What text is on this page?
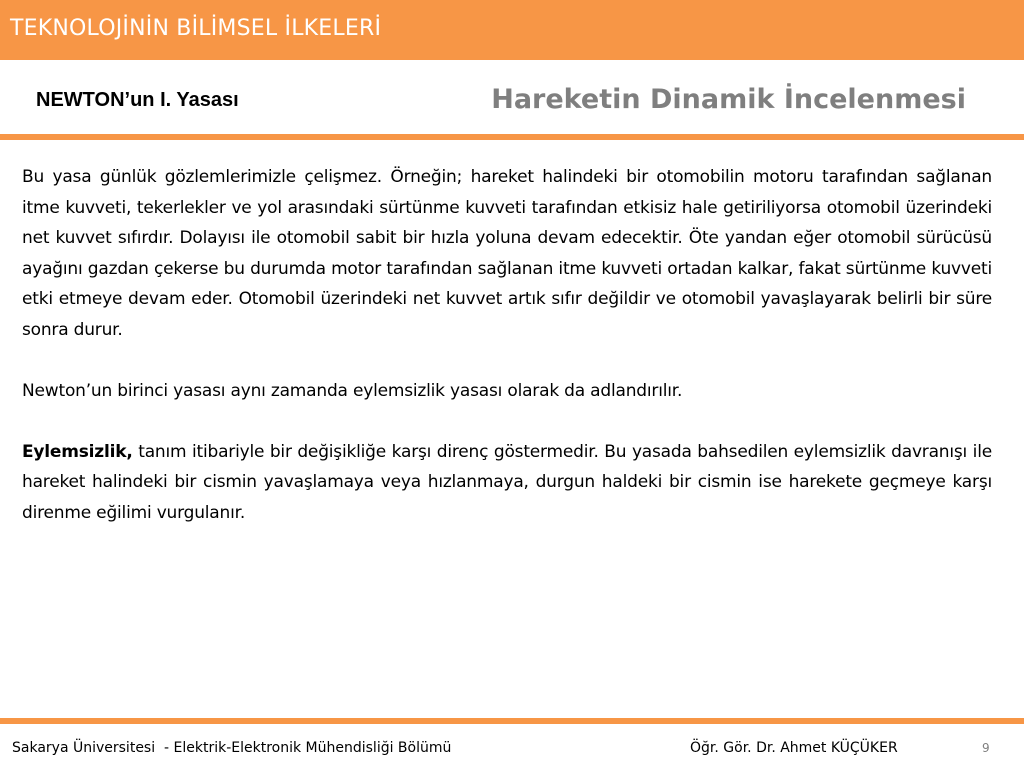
TEKNOLOJİNİN BİLİMSEL İLKELERİ
NEWTON’un I. Yasası	Hareketin Dinamik İncelenmesi

Bu yasa günlük gözlemlerimizle çelişmez. Örneğin; hareket halindeki bir otomobilin motoru tarafından sağlanan itme kuvveti, tekerlekler ve yol arasındaki sürtünme kuvveti tarafından etkisiz hale getiriliyorsa otomobil üzerindeki net kuvvet sıfırdır. Dolayısı ile otomobil sabit bir hızla yoluna devam edecektir. Öte yandan eğer otomobil sürücüsü ayağını gazdan çekerse bu durumda motor tarafından sağlanan itme kuvveti ortadan kalkar, fakat sürtünme kuvveti etki etmeye devam eder. Otomobil üzerindeki net kuvvet artık sıfır değildir ve otomobil yavaşlayarak belirli bir süre sonra durur.

Newton’un birinci yasası aynı zamanda eylemsizlik yasası olarak da adlandırılır.

Eylemsizlik, tanım itibariyle bir değişikliğe karşı direnç göstermedir. Bu yasada bahsedilen eylemsizlik davranışı ile hareket halindeki bir cismin yavaşlamaya veya hızlanmaya, durgun haldeki bir cismin ise harekete geçmeye karşı direnme eğilimi vurgulanır.

Sakarya Üniversitesi  - Elektrik-Elektronik Mühendisliği Bölümü	Öğr. Gör. Dr. Ahmet KÜÇÜKER	9
